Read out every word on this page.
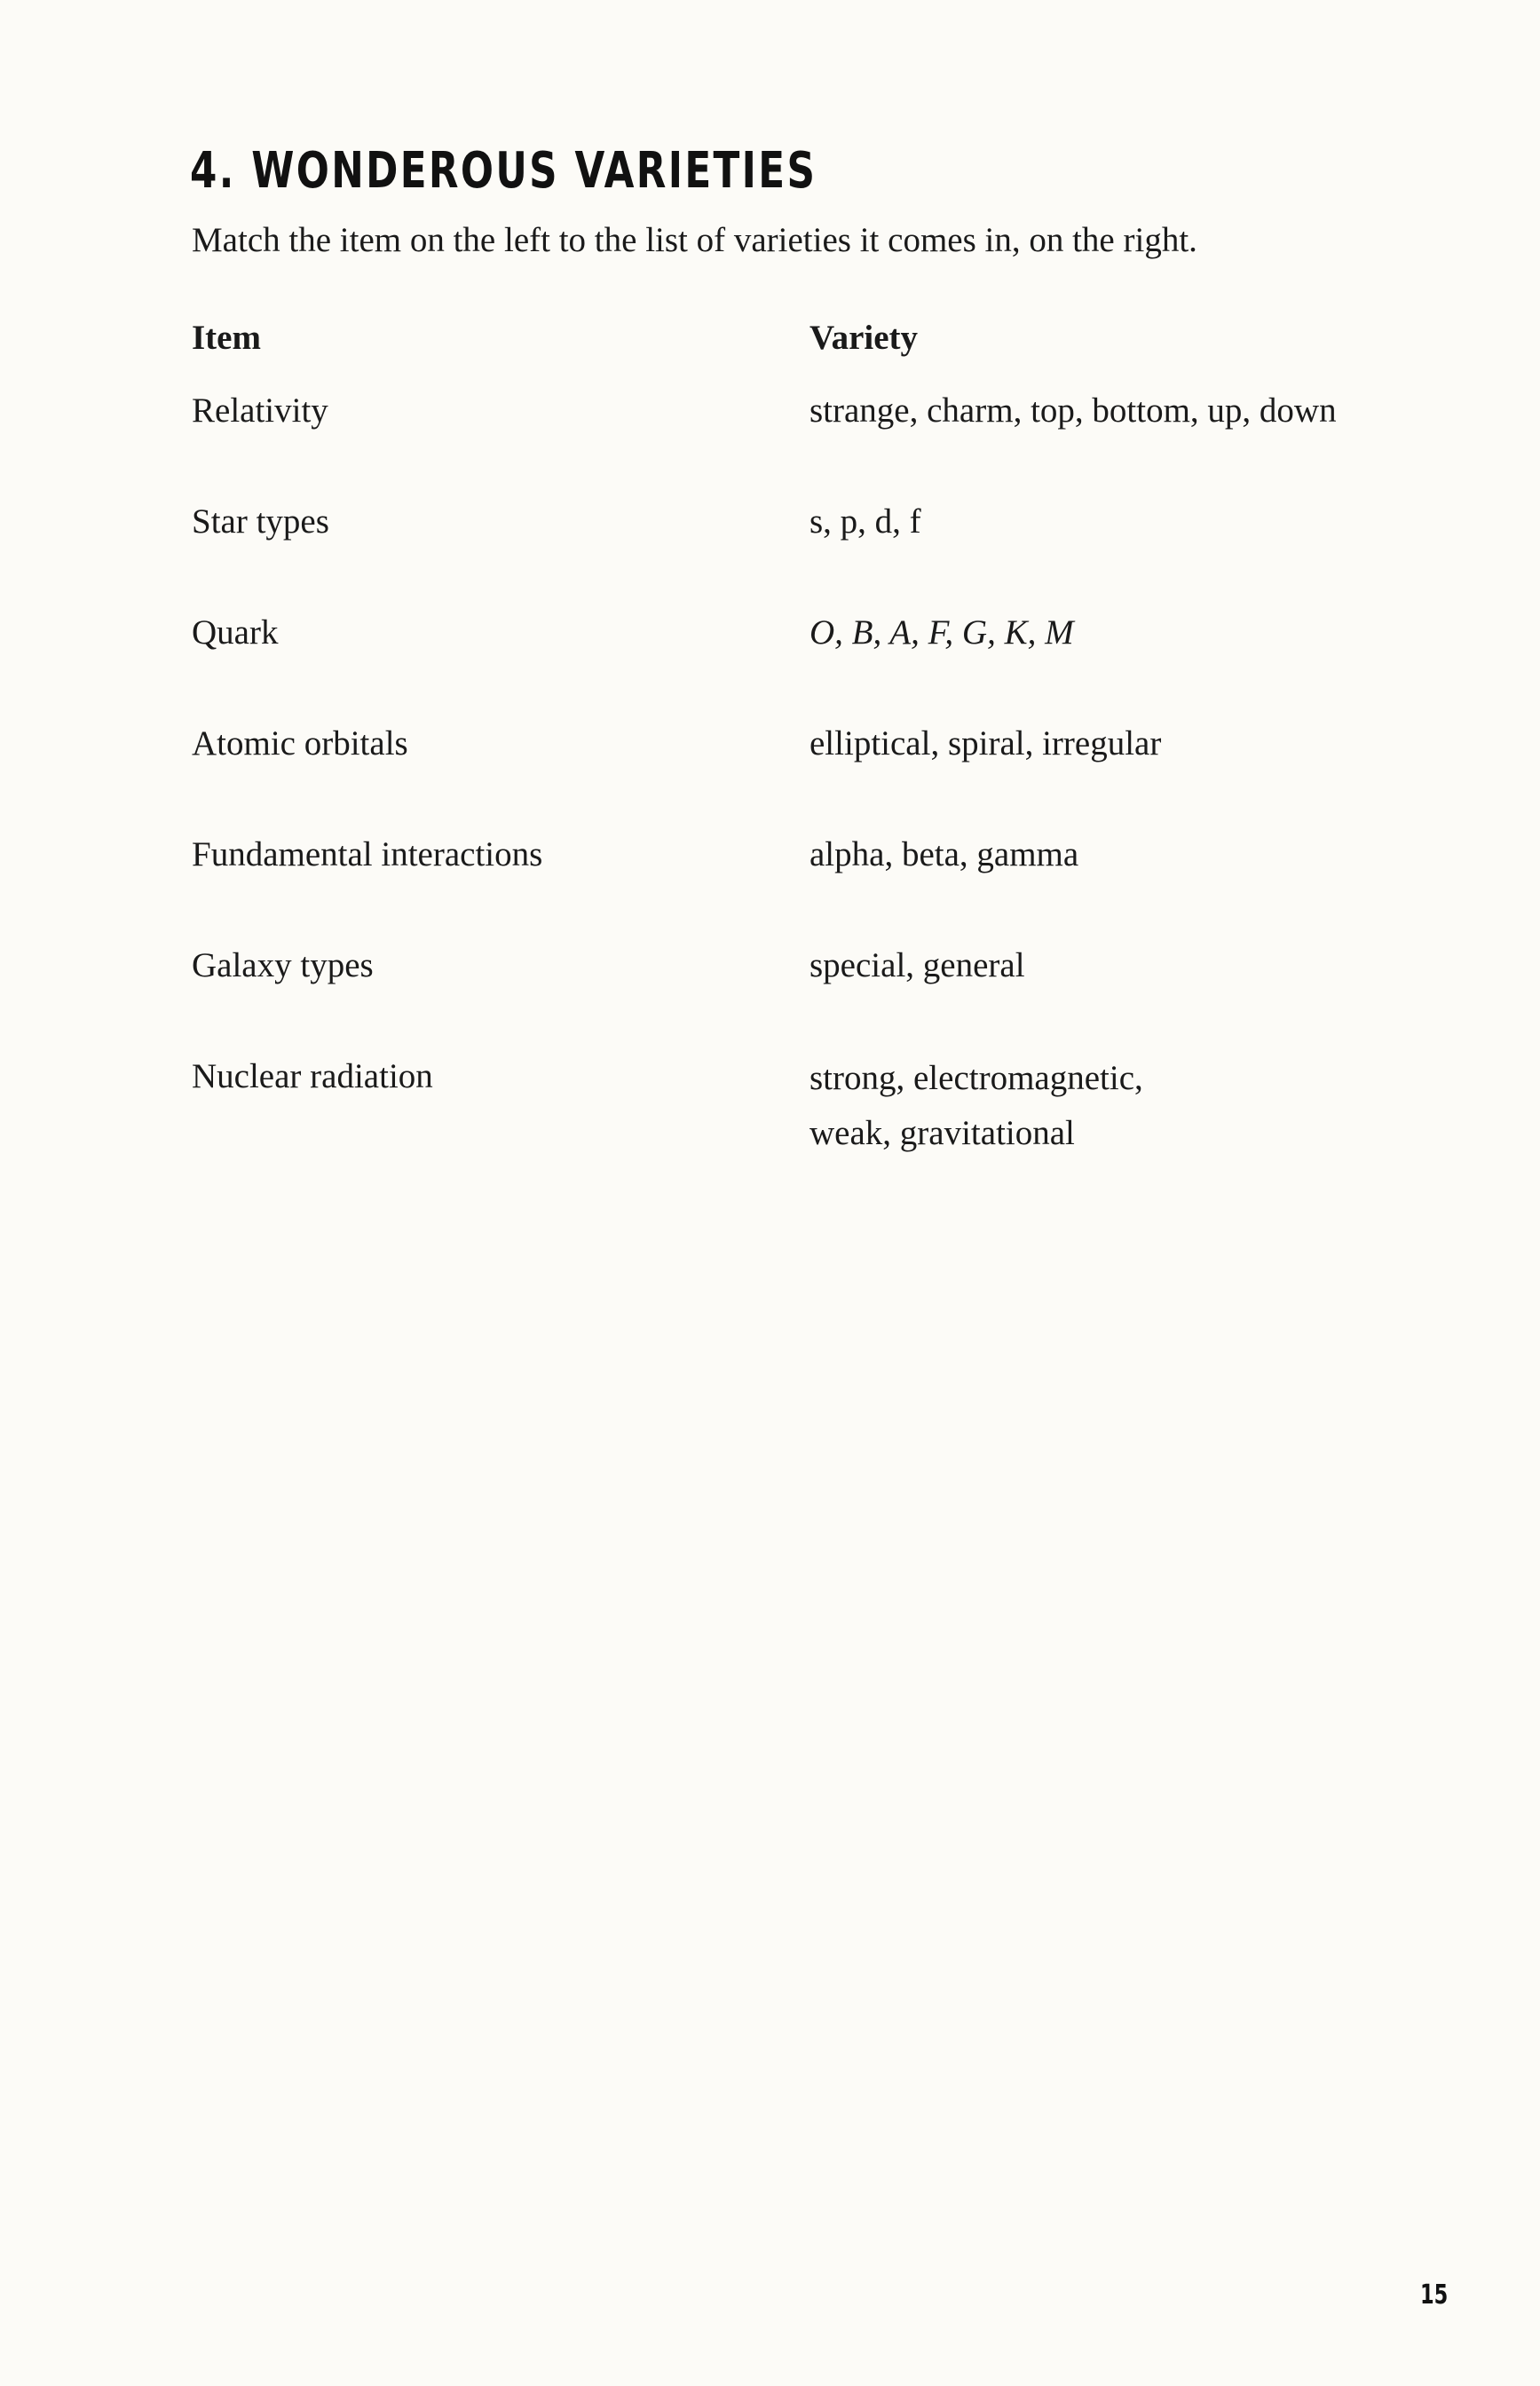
4. WONDEROUS VARIETIES

Match the item on the left to the list of varieties it comes in, on the right.

Item	Variety
Relativity
Star types
Quark
Atomic orbitals
Fundamental interactions
Galaxy types
Nuclear radiation
strange, charm, top, bottom, up, down
s, p, d, f
O, B, A, F, G, K, M
elliptical, spiral, irregular
alpha, beta, gamma
special, general
strong, electromagnetic,
weak, gravitational
15
